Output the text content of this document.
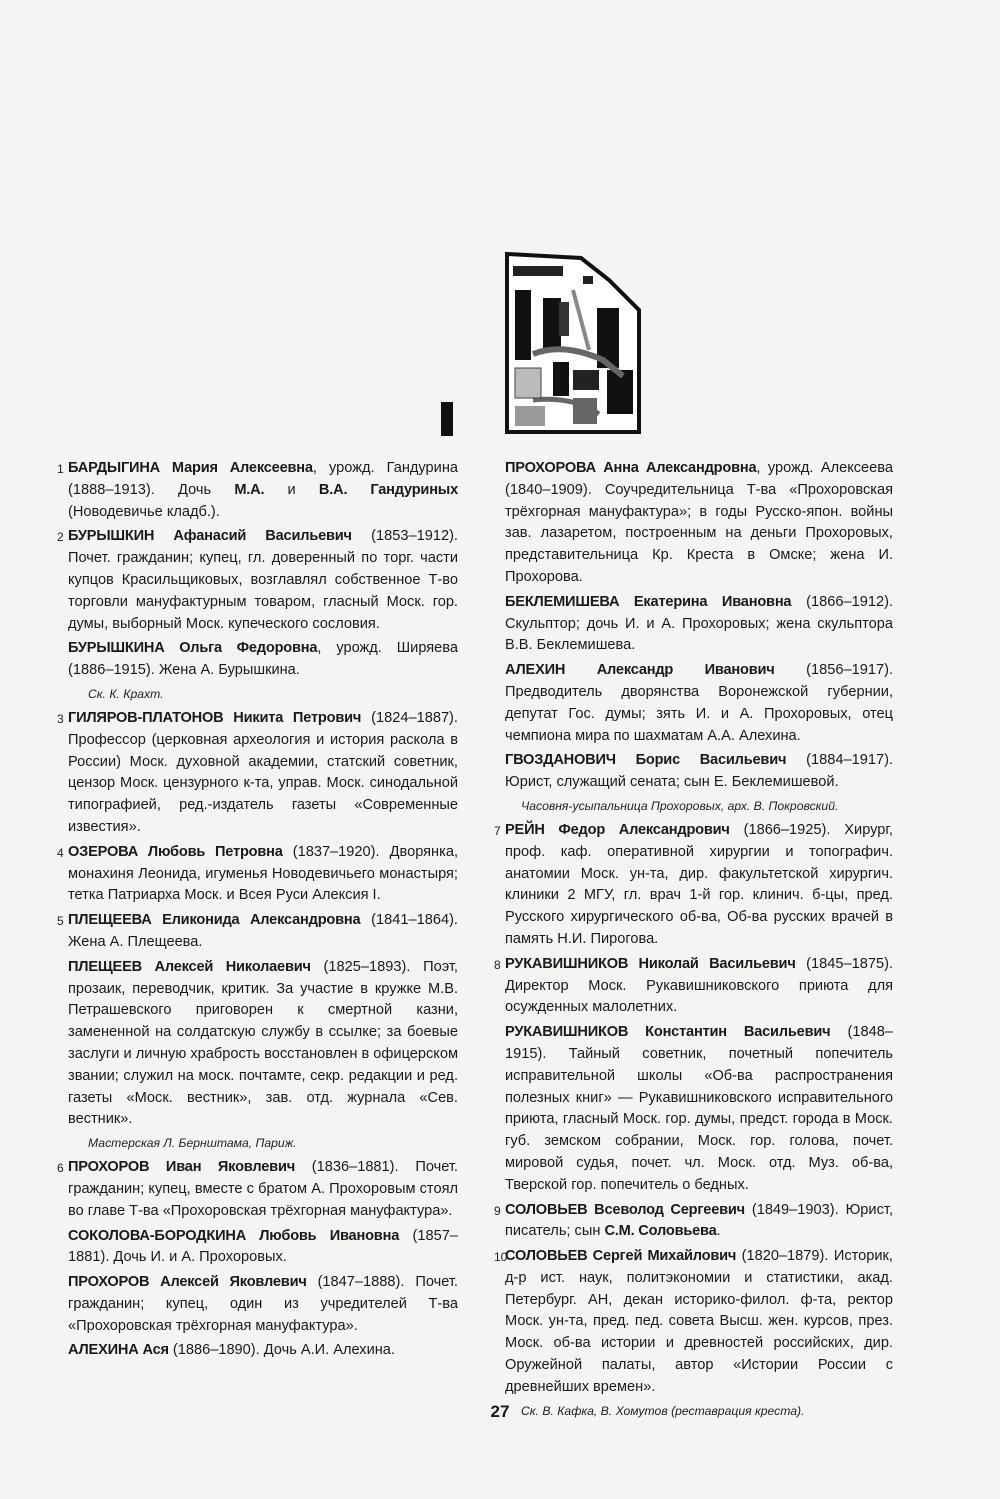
1 БАРДЫГИНА Мария Алексеевна, урожд. Гандурина (1888–1913). Дочь М.А. и В.А. Гандуриных (Новодевичье кладб.).
2 БУРЫШКИН Афанасий Васильевич (1853–1912). Почет. гражданин; купец, гл. доверенный по торг. части купцов Красильщиковых, возглавлял собственное Т-во торговли мануфактурным товаром, гласный Моск. гор. думы, выборный Моск. купеческого сословия.
БУРЫШКИНА Ольга Федоровна, урожд. Ширяева (1886–1915). Жена А. Бурышкина.
Ск. К. Крахт.
3 ГИЛЯРОВ-ПЛАТОНОВ Никита Петрович (1824–1887). Профессор (церковная археология и история раскола в России) Моск. духовной академии, статский советник, цензор Моск. цензурного к-та, управ. Моск. синодальной типографией, ред.-издатель газеты «Современные известия».
4 ОЗЕРОВА Любовь Петровна (1837–1920). Дворянка, монахиня Леонида, игуменья Новодевичьего монастыря; тетка Патриарха Моск. и Всея Руси Алексия I.
5 ПЛЕЩЕЕВА Еликонида Александровна (1841–1864). Жена А. Плещеева.
ПЛЕЩЕЕВ Алексей Николаевич (1825–1893). Поэт, прозаик, переводчик, критик. За участие в кружке М.В. Петрашевского приговорен к смертной казни, замененной на солдатскую службу в ссылке; за боевые заслуги и личную храбрость восстановлен в офицерском звании; служил на моск. почтамте, секр. редакции и ред. газеты «Моск. вестник», зав. отд. журнала «Сев. вестник».
Мастерская Л. Бернштама, Париж.
6 ПРОХОРОВ Иван Яковлевич (1836–1881). Почет. гражданин; купец, вместе с братом А. Прохоровым стоял во главе Т-ва «Прохоровская трёхгорная мануфактура».
СОКОЛОВА-БОРОДКИНА Любовь Ивановна (1857–1881). Дочь И. и А. Прохоровых.
ПРОХОРОВ Алексей Яковлевич (1847–1888). Почет. гражданин; купец, один из учредителей Т-ва «Прохоровская трёхгорная мануфактура».
АЛЕХИНА Ася (1886–1890). Дочь А.И. Алехина.
ПРОХОРОВА Анна Александровна, урожд. Алексеева (1840–1909). Соучредительница Т-ва «Прохоровская трёхгорная мануфактура»; в годы Русско-япон. войны зав. лазаретом, построенным на деньги Прохоровых, представительница Кр. Креста в Омске; жена И. Прохорова.
БЕКЛЕМИШЕВА Екатерина Ивановна (1866–1912). Скульптор; дочь И. и А. Прохоровых; жена скульптора В.В. Беклемишева.
АЛЕХИН Александр Иванович (1856–1917). Предводитель дворянства Воронежской губернии, депутат Гос. думы; зять И. и А. Прохоровых, отец чемпиона мира по шахматам А.А. Алехина.
ГВОЗДАНОВИЧ Борис Васильевич (1884–1917). Юрист, служащий сената; сын Е. Беклемишевой.
Часовня-усыпальница Прохоровых, арх. В. Покровский.
7 РЕЙН Федор Александрович (1866–1925). Хирург, проф. каф. оперативной хирургии и топографич. анатомии Моск. ун-та, дир. факультетской хирургич. клиники 2 МГУ, гл. врач 1-й гор. клинич. б-цы, пред. Русского хирургического об-ва, Об-ва русских врачей в память Н.И. Пирогова.
8 РУКАВИШНИКОВ Николай Васильевич (1845–1875). Директор Моск. Рукавишниковского приюта для осужденных малолетних.
РУКАВИШНИКОВ Константин Васильевич (1848–1915). Тайный советник, почетный попечитель исправительной школы «Об-ва распространения полезных книг» — Рукавишниковского исправительного приюта, гласный Моск. гор. думы, предст. города в Моск. губ. земском собрании, Моск. гор. голова, почет. мировой судья, почет. чл. Моск. отд. Муз. об-ва, Тверской гор. попечитель о бедных.
9 СОЛОВЬЕВ Всеволод Сергеевич (1849–1903). Юрист, писатель; сын С.М. Соловьева.
10
СОЛОВЬЕВ Сергей Михайлович (1820–1879). Историк, д-р ист. наук, политэкономии и статистики, акад. Петербург. АН, декан историко-филол. ф-та, ректор Моск. ун-та, пред. пед. совета Высш. жен. курсов, през. Моск. об-ва истории и древностей российских, дир. Оружейной палаты, автор «Истории России с древнейших времен».
Ск. В. Кафка, В. Хомутов (реставрация креста).
27
